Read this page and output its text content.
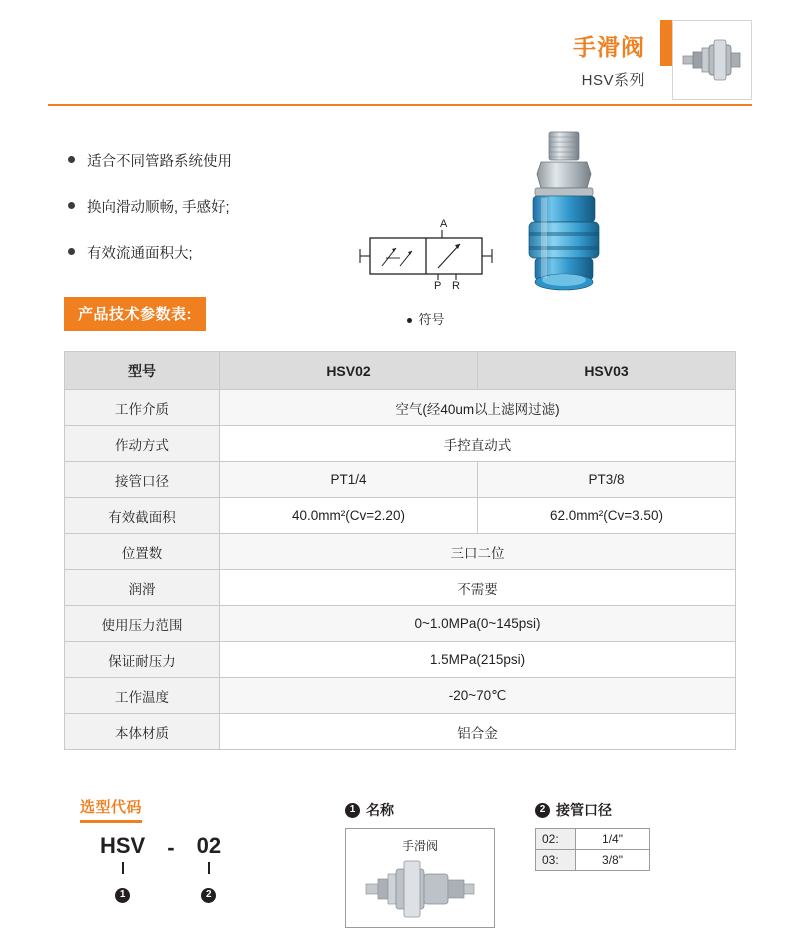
手滑阀
HSV系列
适合不同管路系统使用
换向滑动顺畅, 手感好;
有效流通面积大;
A
P R
符号
产品技术参数表:
型号	HSV02	HSV03
工作介质	空气(经40um以上滤网过滤)	
作动方式	手控直动式	
接管口径	PT1/4	PT3/8
有效截面积	40.0mm²(Cv=2.20)	62.0mm²(Cv=3.50)
位置数	三口二位	
润滑	不需要	
使用压力范围	0~1.0MPa(0~145psi)	
保证耐压力	1.5MPa(215psi)	
工作温度	-20~70℃	
本体材质	铝合金	
选型代码
HSV
1
- 02
2
1 名称
手滑阀
2 接管口径
02:	1/4"
03:	3/8"
